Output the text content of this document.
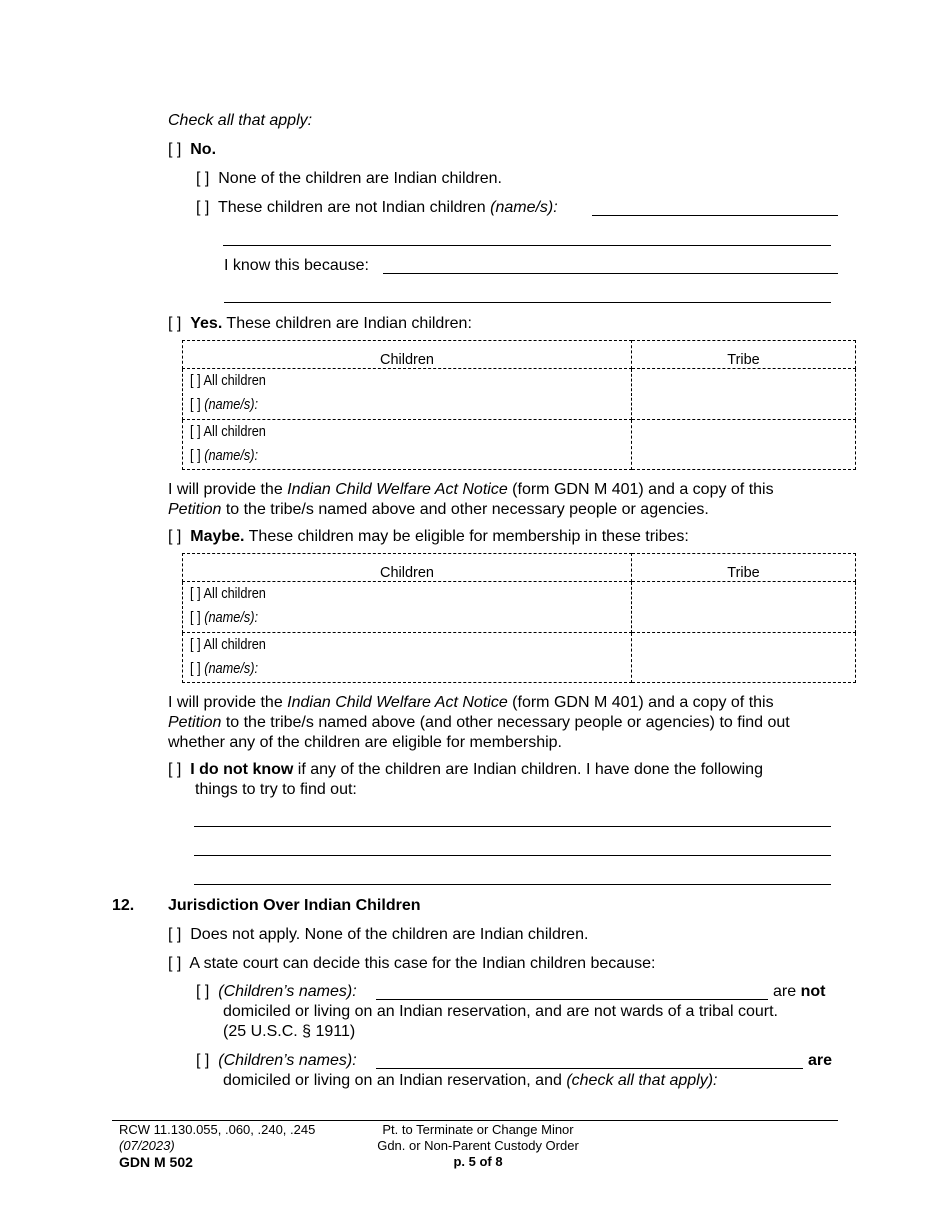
Check all that apply:
[ ] No.
[ ] None of the children are Indian children.
[ ] These children are not Indian children (name/s):
I know this because:
[ ] Yes. These children are Indian children:
Children	Tribe

[ ] All children
[ ] (name/s):	

[ ] All children
[ ] (name/s):	

I will provide the Indian Child Welfare Act Notice (form GDN M 401) and a copy of this
Petition to the tribe/s named above and other necessary people or agencies.
[ ] Maybe. These children may be eligible for membership in these tribes:
Children	Tribe

[ ] All children
[ ] (name/s):	

[ ] All children
[ ] (name/s):	

I will provide the Indian Child Welfare Act Notice (form GDN M 401) and a copy of this
Petition to the tribe/s named above (and other necessary people or agencies) to find out
whether any of the children are eligible for membership.
[ ] I do not know if any of the children are Indian children. I have done the following
things to try to find out:
12. Jurisdiction Over Indian Children
[ ] Does not apply. None of the children are Indian children.
[ ] A state court can decide this case for the Indian children because:
[ ] (Children’s names):	are not
domiciled or living on an Indian reservation, and are not wards of a tribal court.
(25 U.S.C. § 1911)
[ ] (Children’s names):	are
domiciled or living on an Indian reservation, and (check all that apply):
RCW 11.130.055, .060, .240, .245
(07/2023)
GDN M 502
Pt. to Terminate or Change Minor
Gdn. or Non-Parent Custody Order
p. 5 of 8
